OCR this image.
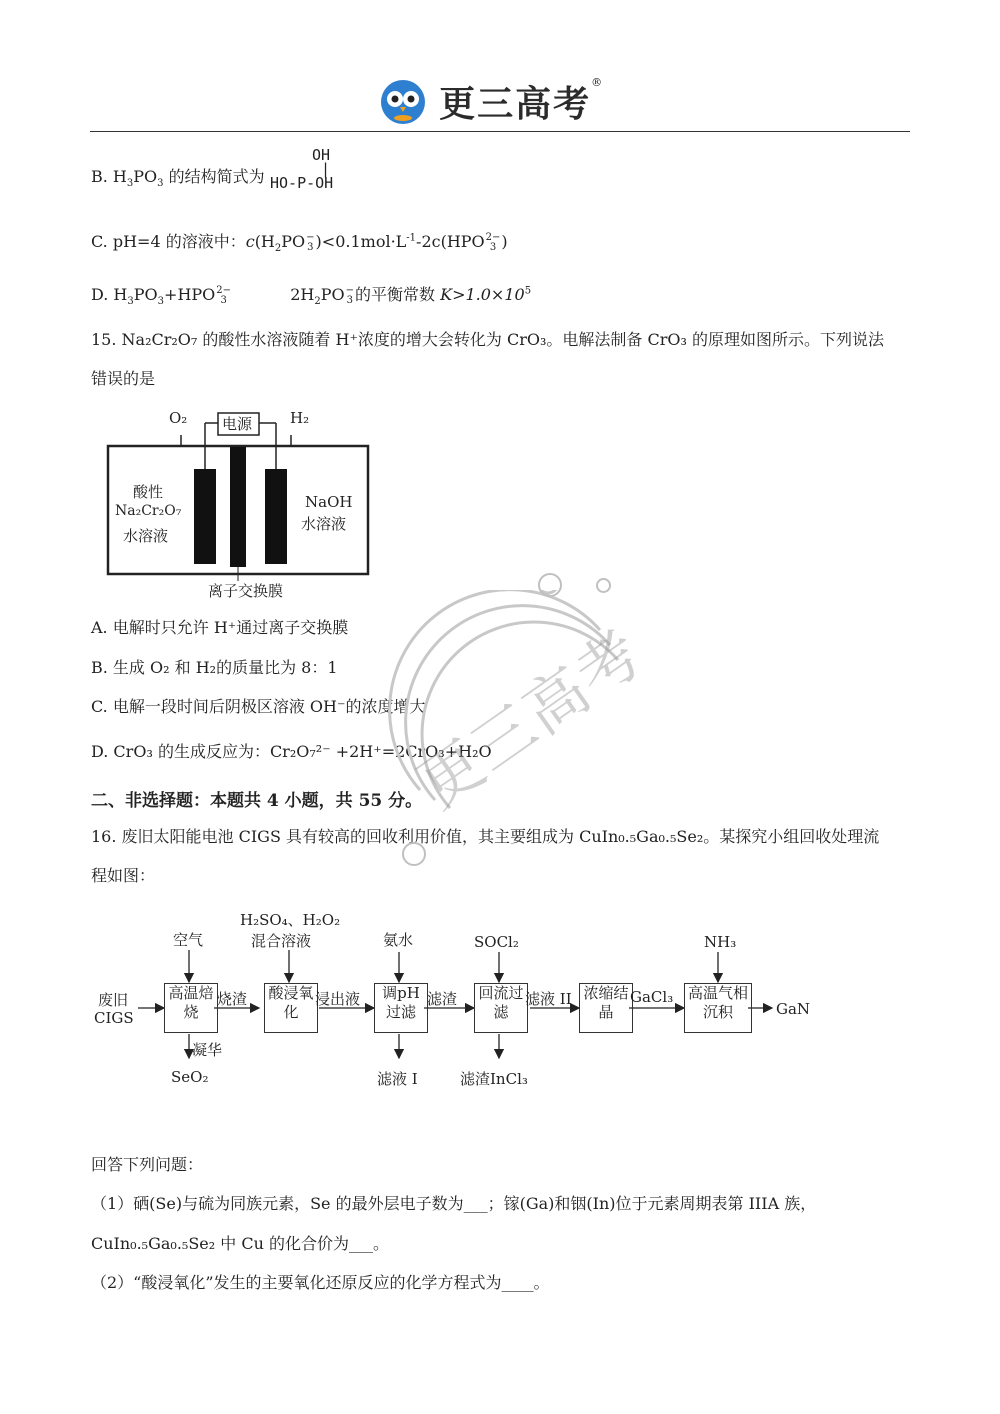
更三高考®
B. $H_3PO_3$ 的结构简式为
OH
|
HO-P-OH
C. pH=4 的溶液中：$c(H_2PO$ −
3 )$<0.1mol\cdot L^{-1}-2c(HPO$ 2−
3 )
D. $H_3PO_3+HPO$ 2−
3	$2H_2PO$ −
3 的平衡常数 $K>1.0\times 10^5$
15. Na₂Cr₂O₇ 的酸性水溶液随着 H⁺浓度的增大会转化为 CrO₃。电解法制备 CrO₃ 的原理如图所示。下列说法
错误的是
电源
O₂	H₂
酸性
Na₂Cr₂O₇
水溶液
NaOH
水溶液
离子交换膜
A. 电解时只允许 H⁺通过离子交换膜
B. 生成 O₂ 和 H₂的质量比为 8：1
C. 电解一段时间后阴极区溶液 OH⁻的浓度增大
D. CrO₃ 的生成反应为：Cr₂O₇²⁻ +2H⁺=2CrO₃+H₂O
二、非选择题：本题共 4 小题，共 55 分。
16. 废旧太阳能电池 CIGS 具有较高的回收利用价值，其主要组成为 CuIn₀.₅Ga₀.₅Se₂。某探究小组回收处理流
程如图：
废旧
CIGS
高温焙烧
空气
烧渣
凝华
SeO₂
酸浸氧化
H₂SO₄、H₂O₂
混合溶液
浸出液	调pH过滤
氨水
滤渣
滤液 I
回流过滤
SOCl₂
滤液 II
滤渣InCl₃
浓缩结晶
GaCl₃ 高温气相沉积
NH₃
GaN
回答下列问题：
（1）硒(Se)与硫为同族元素，Se 的最外层电子数为___；镓(Ga)和铟(In)位于元素周期表第 IIIA 族，
CuIn₀.₅Ga₀.₅Se₂ 中 Cu 的化合价为___。
（2）“酸浸氧化”发生的主要氧化还原反应的化学方程式为____。
更三高考
